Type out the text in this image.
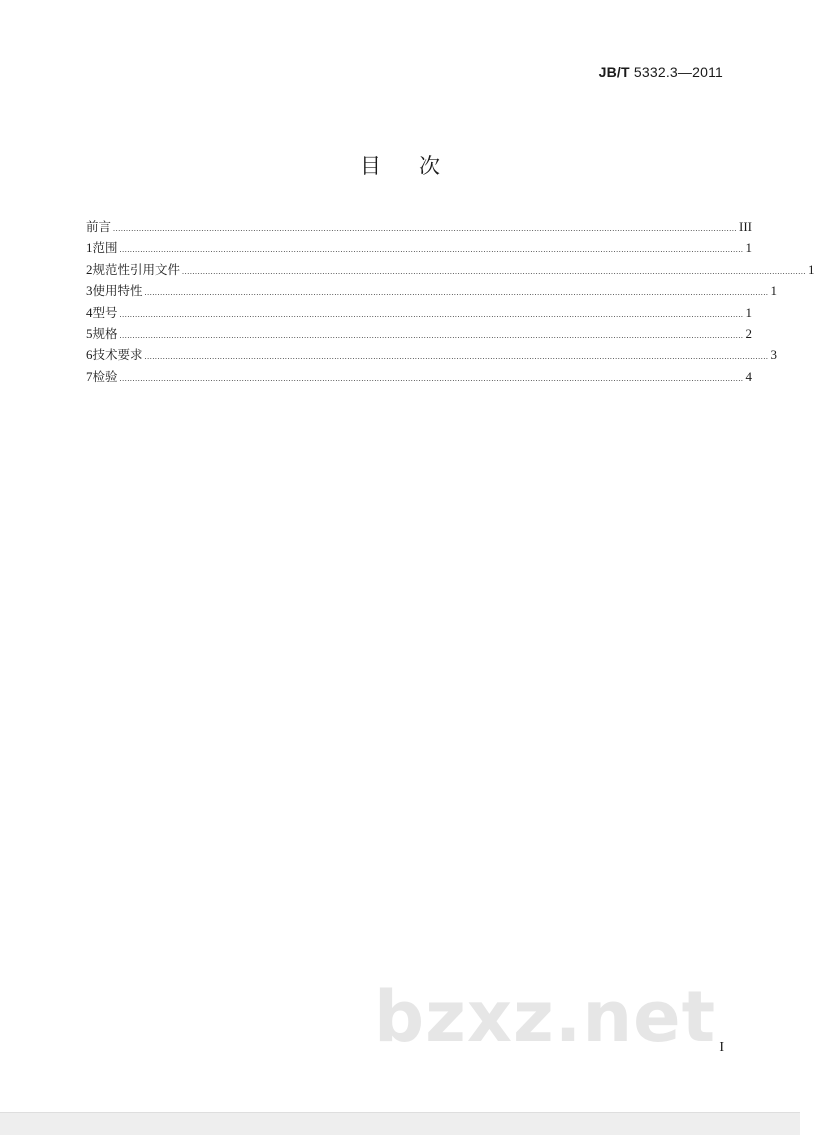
JB/T 5332.3—2011
目次
前言 ................................................................................................................................................................................................................................................ III
1 范围 ................................................................................................................................................................................................................................................ 1
2 规范性引用文件 ................................................................................................................................................................................................................................................ 1
3 使用特性 ................................................................................................................................................................................................................................................ 1
4 型号 ................................................................................................................................................................................................................................................ 1
5 规格 ................................................................................................................................................................................................................................................ 2
6 技术要求 ................................................................................................................................................................................................................................................ 3
7 检验 ................................................................................................................................................................................................................................................ 4
bzxz.net I
